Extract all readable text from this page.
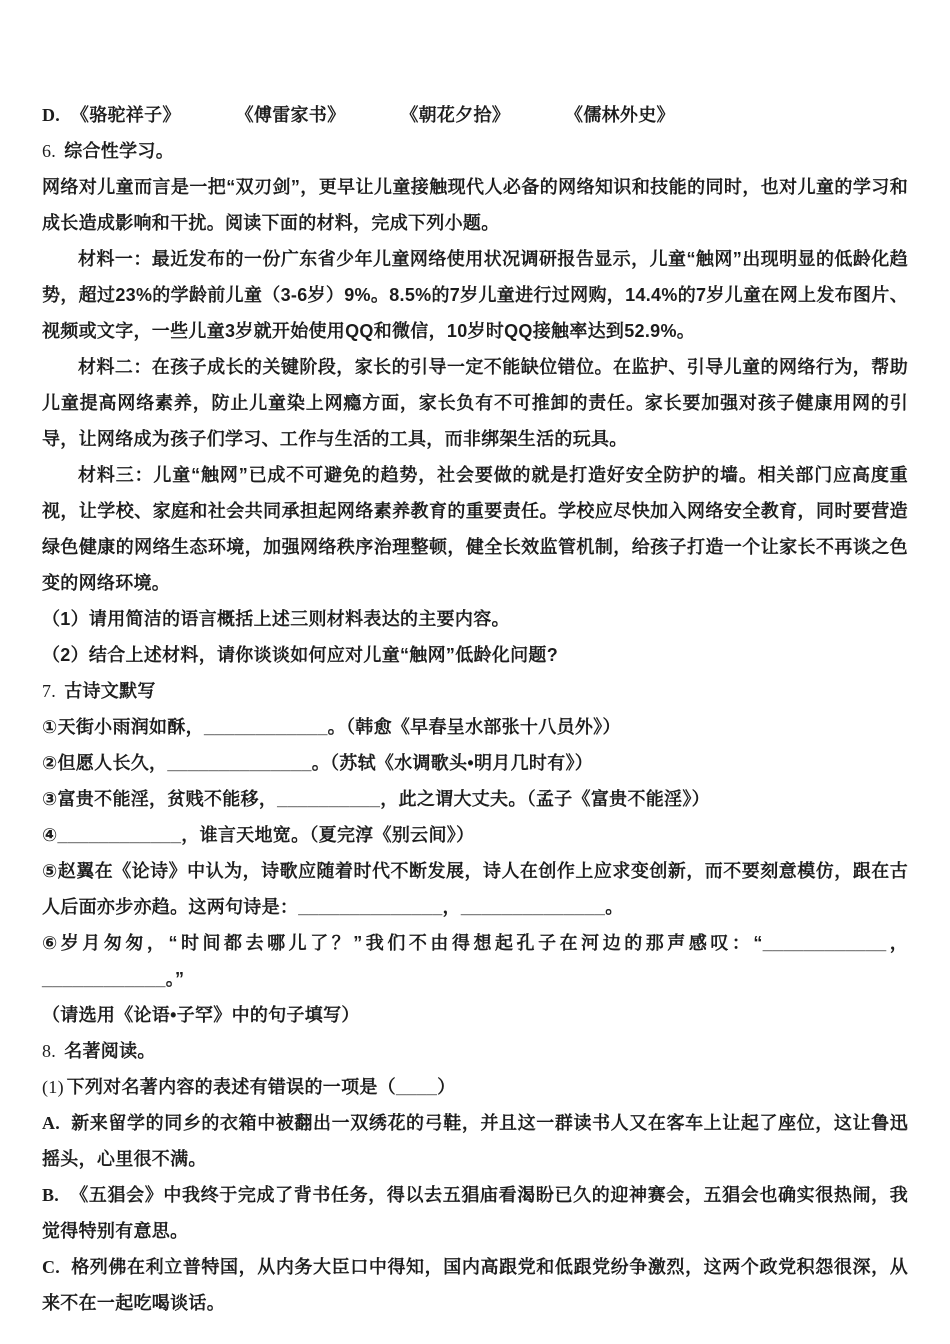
D. 《骆驼祥子》	《傅雷家书》	《朝花夕拾》	《儒林外史》
6. 综合性学习。

网络对儿童而言是一把“双刃剑”，更早让儿童接触现代人必备的网络知识和技能的同时，也对儿童的学习和成长造成影响和干扰。阅读下面的材料，完成下列小题。

材料一：最近发布的一份广东省少年儿童网络使用状况调研报告显示，儿童“触网”出现明显的低龄化趋势，超过23%的学龄前儿童（3-6岁）9%。8.5%的7岁儿童进行过网购，14.4%的7岁儿童在网上发布图片、视频或文字，一些儿童3岁就开始使用QQ和微信，10岁时QQ接触率达到52.9%。

材料二：在孩子成长的关键阶段，家长的引导一定不能缺位错位。在监护、引导儿童的网络行为，帮助儿童提高网络素养，防止儿童染上网瘾方面，家长负有不可推卸的责任。家长要加强对孩子健康用网的引导，让网络成为孩子们学习、工作与生活的工具，而非绑架生活的玩具。

材料三：儿童“触网”已成不可避免的趋势，社会要做的就是打造好安全防护的墙。相关部门应高度重视，让学校、家庭和社会共同承担起网络素养教育的重要责任。学校应尽快加入网络安全教育，同时要营造绿色健康的网络生态环境，加强网络秩序治理整顿，健全长效监管机制，给孩子打造一个让家长不再谈之色变的网络环境。

（1）请用简洁的语言概括上述三则材料表达的主要内容。

（2）结合上述材料，请你谈谈如何应对儿童“触网”低龄化问题?

7. 古诗文默写

①天街小雨润如酥，____________。（韩愈《早春呈水部张十八员外》）

②但愿人长久，______________。（苏轼《水调歌头•明月几时有》）

③富贵不能淫，贫贱不能移，__________，此之谓大丈夫。（孟子《富贵不能淫》）

④____________，谁言天地宽。（夏完淳《别云间》）

⑤赵翼在《论诗》中认为，诗歌应随着时代不断发展，诗人在创作上应求变创新，而不要刻意模仿，跟在古人后面亦步亦趋。这两句诗是：______________，______________。

⑥岁月匆匆，“时间都去哪儿了？”我们不由得想起孔子在河边的那声感叹：“____________，____________。”

（请选用《论语•子罕》中的句子填写）

8. 名著阅读。

(1) 下列对名著内容的表述有错误的一项是（____）

A. 新来留学的同乡的衣箱中被翻出一双绣花的弓鞋，并且这一群读书人又在客车上让起了座位，这让鲁迅摇头，心里很不满。

B. 《五猖会》中我终于完成了背书任务，得以去五猖庙看渴盼已久的迎神赛会，五猖会也确实很热闹，我觉得特别有意思。

C. 格列佛在利立普特国，从内务大臣口中得知，国内高跟党和低跟党纷争激烈，这两个政党积怨很深，从来不在一起吃喝谈话。
